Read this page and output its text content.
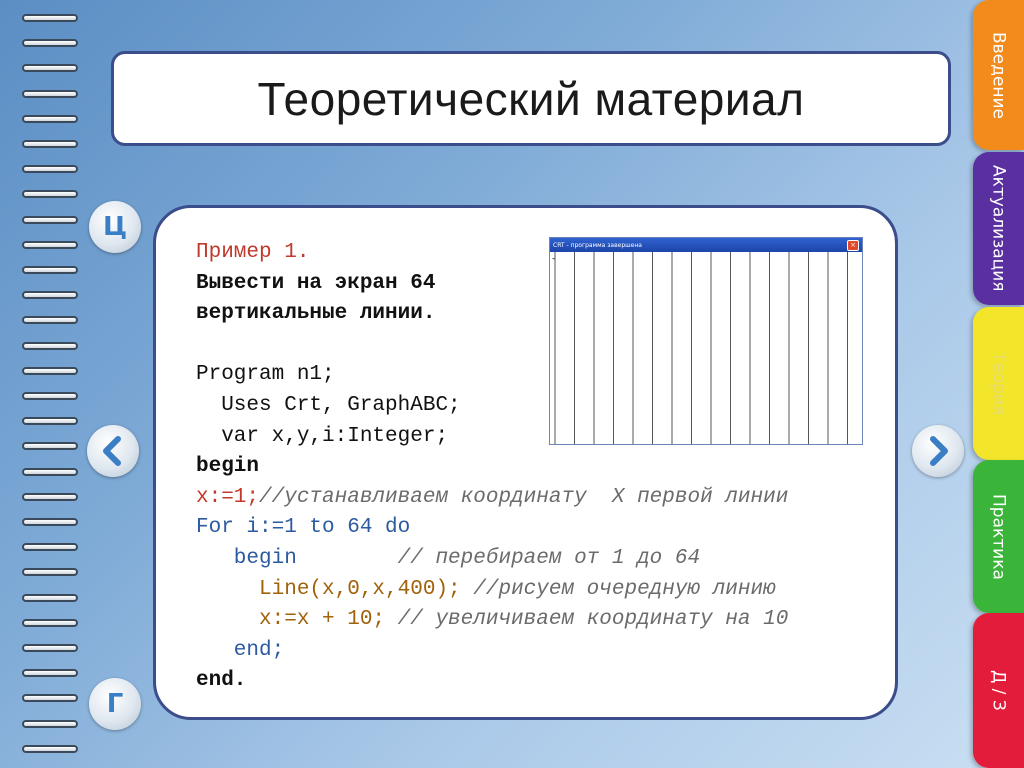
Теоретический материал
Пример 1.
Вывести на экран 64
вертикальные линии.

Program n1;
Uses Crt, GraphABC;
var x,y,i:Integer;
begin
x:=1;//устанавливаем координату  X первой линии
For i:=1 to 64 do
begin        // перебираем от 1 до 64
Line(x,0,x,400); //рисуем очередную линию
x:=x + 10; // увеличиваем координату на 10
end;
end.
CRT - программа завершена	×
-
Ц
Г
Введение
Актуализация
Теория
Практика
Д / З
